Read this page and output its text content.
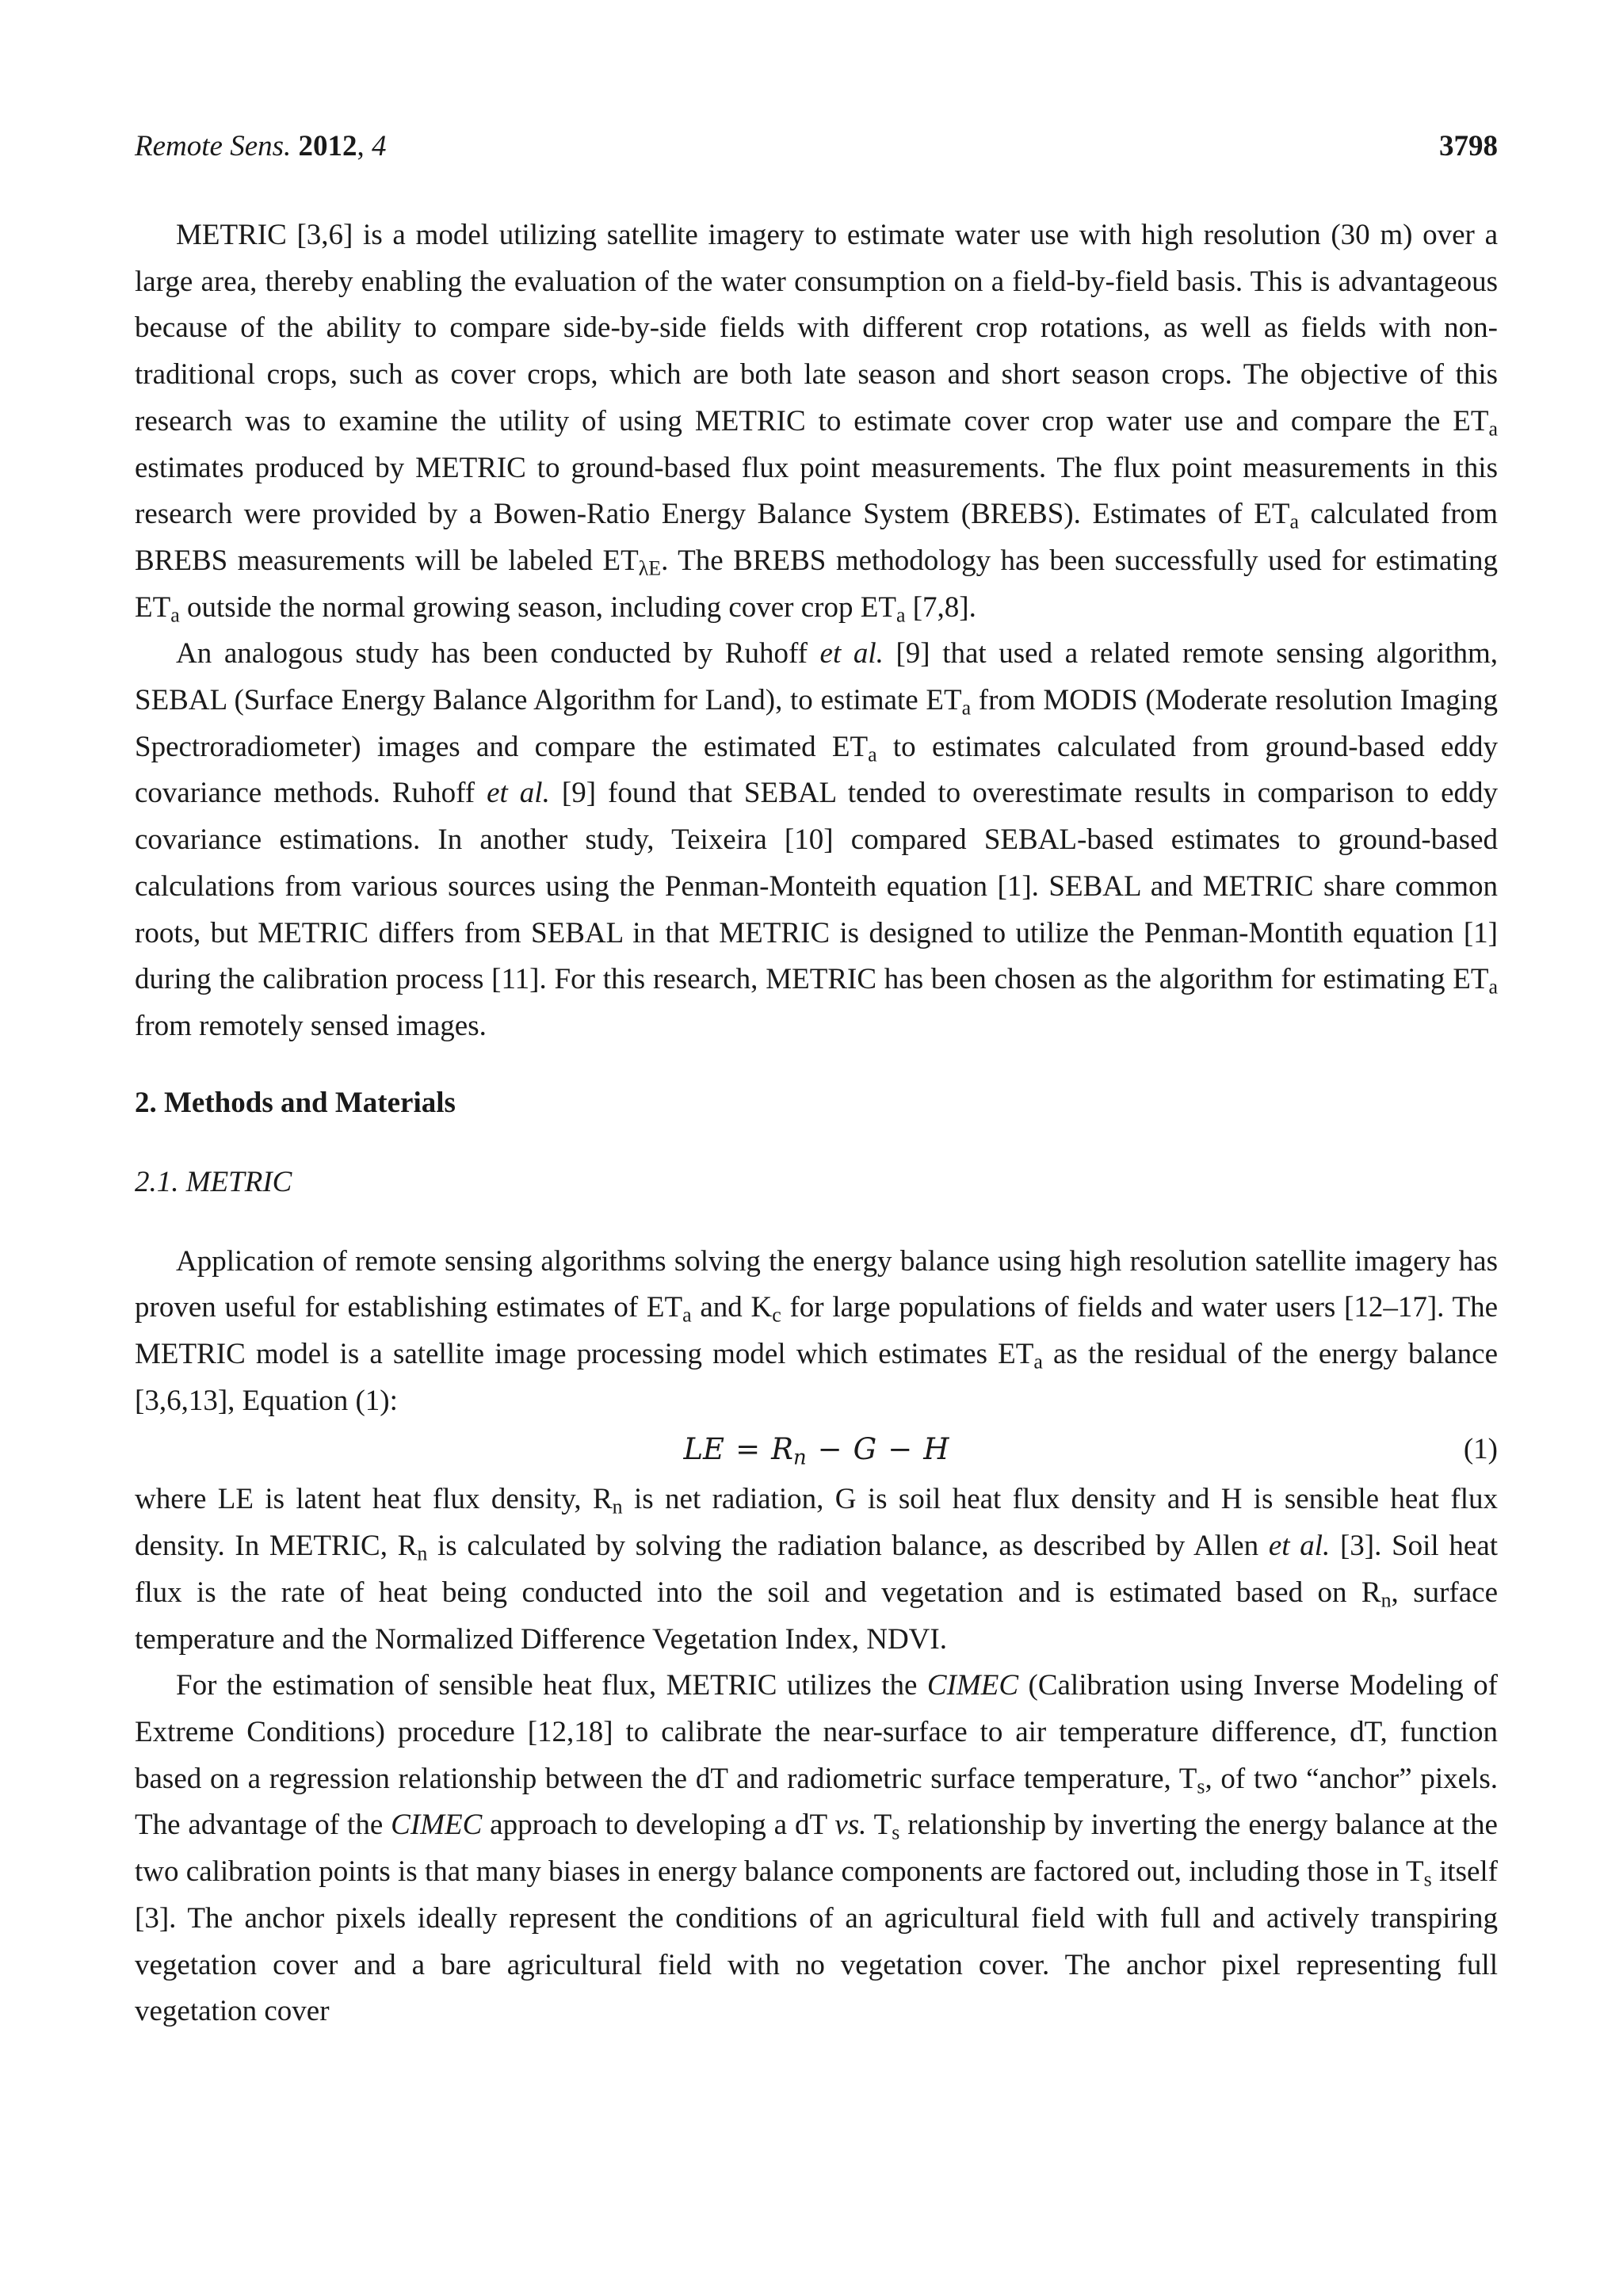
Remote Sens. 2012, 4	3798

METRIC [3,6] is a model utilizing satellite imagery to estimate water use with high resolution (30 m) over a large area, thereby enabling the evaluation of the water consumption on a field-by-field basis. This is advantageous because of the ability to compare side-by-side fields with different crop rotations, as well as fields with non-traditional crops, such as cover crops, which are both late season and short season crops. The objective of this research was to examine the utility of using METRIC to estimate cover crop water use and compare the $ET_a$ estimates produced by METRIC to ground-based flux point measurements. The flux point measurements in this research were provided by a Bowen-Ratio Energy Balance System (BREBS). Estimates of $ET_a$ calculated from BREBS measurements will be labeled $ET_{\lambda E}$. The BREBS methodology has been successfully used for estimating $ET_a$ outside the normal growing season, including cover crop $ET_a$ [7,8].

An analogous study has been conducted by Ruhoff et al. [9] that used a related remote sensing algorithm, SEBAL (Surface Energy Balance Algorithm for Land), to estimate $ET_a$ from MODIS (Moderate resolution Imaging Spectroradiometer) images and compare the estimated $ET_a$ to estimates calculated from ground-based eddy covariance methods. Ruhoff et al. [9] found that SEBAL tended to overestimate results in comparison to eddy covariance estimations. In another study, Teixeira [10] compared SEBAL-based estimates to ground-based calculations from various sources using the Penman-Monteith equation [1]. SEBAL and METRIC share common roots, but METRIC differs from SEBAL in that METRIC is designed to utilize the Penman-Montith equation [1] during the calibration process [11]. For this research, METRIC has been chosen as the algorithm for estimating $ET_a$ from remotely sensed images.

2. Methods and Materials
2.1. METRIC

Application of remote sensing algorithms solving the energy balance using high resolution satellite imagery has proven useful for establishing estimates of $ET_a$ and $K_c$ for large populations of fields and water users [12–17]. The METRIC model is a satellite image processing model which estimates $ET_a$ as the residual of the energy balance [3,6,13], Equation (1):

LE = $R_n - G - H$	(1)

where LE is latent heat flux density, $R_n$ is net radiation, G is soil heat flux density and H is sensible heat flux density. In METRIC, $R_n$ is calculated by solving the radiation balance, as described by Allen et al. [3]. Soil heat flux is the rate of heat being conducted into the soil and vegetation and is estimated based on $R_n$, surface temperature and the Normalized Difference Vegetation Index, NDVI.

For the estimation of sensible heat flux, METRIC utilizes the CIMEC (Calibration using Inverse Modeling of Extreme Conditions) procedure [12,18] to calibrate the near-surface to air temperature difference, dT, function based on a regression relationship between the dT and radiometric surface temperature, $T_s$, of two “anchor” pixels. The advantage of the CIMEC approach to developing a dT vs. $T_s$ relationship by inverting the energy balance at the two calibration points is that many biases in energy balance components are factored out, including those in $T_s$ itself [3]. The anchor pixels ideally represent the conditions of an agricultural field with full and actively transpiring vegetation cover and a bare agricultural field with no vegetation cover. The anchor pixel representing full vegetation cover
